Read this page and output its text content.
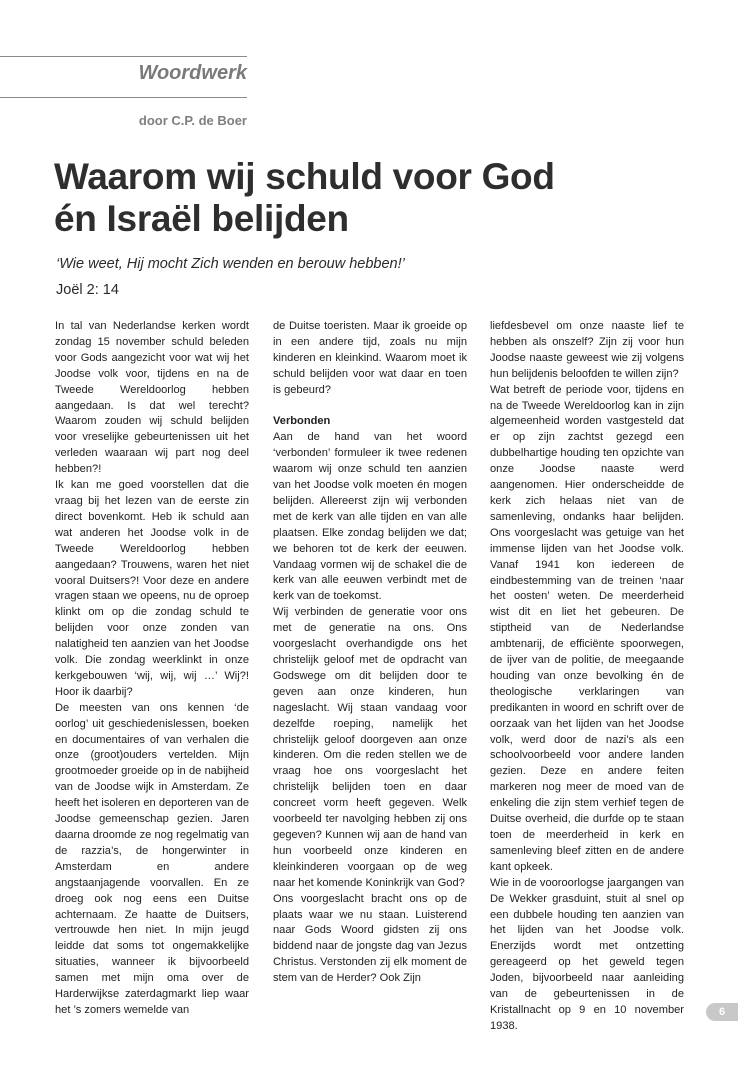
Woordwerk
door C.P. de Boer
Waarom wij schuld voor God
én Israël belijden
‘Wie weet, Hij mocht Zich wenden en berouw hebben!’
Joël 2: 14

In tal van Nederlandse kerken wordt zondag 15 november schuld beleden voor Gods aangezicht voor wat wij het Joodse volk voor, tijdens en na de Tweede Wereldoorlog hebben aangedaan. Is dat wel terecht? Waarom zouden wij schuld belijden voor vreselijke gebeurtenissen uit het verleden waaraan wij part nog deel hebben?!

Ik kan me goed voorstellen dat die vraag bij het lezen van de eerste zin direct bovenkomt. Heb ik schuld aan wat anderen het Joodse volk in de Tweede Wereldoorlog hebben aangedaan? Trouwens, waren het niet vooral Duitsers?! Voor deze en andere vragen staan we opeens, nu de oproep klinkt om op die zondag schuld te belijden voor onze zonden van nalatigheid ten aanzien van het Joodse volk. Die zondag weerklinkt in onze kerkgebouwen ‘wij, wij, wij …’ Wij?! Hoor ik daarbij?

De meesten van ons kennen ‘de oorlog’ uit geschiedenislessen, boeken en documentaires of van verhalen die onze (groot)ouders vertelden. Mijn grootmoeder groeide op in de nabijheid van de Joodse wijk in Amsterdam. Ze heeft het isoleren en deporteren van de Joodse gemeenschap gezien. Jaren daarna droomde ze nog regelmatig van de razzia’s, de hongerwinter in Amsterdam en andere angstaanjagende voorvallen. En ze droeg ook nog eens een Duitse achternaam. Ze haatte de Duitsers, vertrouwde hen niet. In mijn jeugd leidde dat soms tot ongemakkelijke situaties, wanneer ik bijvoorbeeld samen met mijn oma over de Harderwijkse zaterdagmarkt liep waar het ’s zomers wemelde van

de Duitse toeristen. Maar ik groeide op in een andere tijd, zoals nu mijn kinderen en kleinkind. Waarom moet ik schuld belijden voor wat daar en toen is gebeurd?

Verbonden

Aan de hand van het woord ‘verbonden’ formuleer ik twee redenen waarom wij onze schuld ten aanzien van het Joodse volk moeten én mogen belijden. Allereerst zijn wij verbonden met de kerk van alle tijden en van alle plaatsen. Elke zondag belijden we dat; we behoren tot de kerk der eeuwen. Vandaag vormen wij de schakel die de kerk van alle eeuwen verbindt met de kerk van de toekomst.

Wij verbinden de generatie voor ons met de generatie na ons. Ons voorgeslacht overhandigde ons het christelijk geloof met de opdracht van Godswege om dit belijden door te geven aan onze kinderen, hun nageslacht. Wij staan vandaag voor dezelfde roeping, namelijk het christelijk geloof doorgeven aan onze kinderen. Om die reden stellen we de vraag hoe ons voorgeslacht het christelijk belijden toen en daar concreet vorm heeft gegeven. Welk voorbeeld ter navolging hebben zij ons gegeven? Kunnen wij aan de hand van hun voorbeeld onze kinderen en kleinkinderen voorgaan op de weg naar het komende Koninkrijk van God?

Ons voorgeslacht bracht ons op de plaats waar we nu staan. Luisterend naar Gods Woord gidsten zij ons biddend naar de jongste dag van Jezus Christus. Verstonden zij elk moment de stem van de Herder? Ook Zijn

liefdesbevel om onze naaste lief te hebben als onszelf? Zijn zij voor hun Joodse naaste geweest wie zij volgens hun belijdenis beloofden te willen zijn?

Wat betreft de periode voor, tijdens en na de Tweede Wereldoorlog kan in zijn algemeenheid worden vastgesteld dat er op zijn zachtst gezegd een dubbelhartige houding ten opzichte van onze Joodse naaste werd aangenomen. Hier onderscheidde de kerk zich helaas niet van de samenleving, ondanks haar belijden. Ons voorgeslacht was getuige van het immense lijden van het Joodse volk. Vanaf 1941 kon iedereen de eindbestemming van de treinen ‘naar het oosten’ weten. De meerderheid wist dit en liet het gebeuren. De stiptheid van de Nederlandse ambtenarij, de efficiënte spoorwegen, de ijver van de politie, de meegaande houding van onze bevolking én de theologische verklaringen van predikanten in woord en schrift over de oorzaak van het lijden van het Joodse volk, werd door de nazi’s als een schoolvoorbeeld voor andere landen gezien. Deze en andere feiten markeren nog meer de moed van de enkeling die zijn stem verhief tegen de Duitse overheid, die durfde op te staan toen de meerderheid in kerk en samenleving bleef zitten en de andere kant opkeek.

Wie in de vooroorlogse jaargangen van De Wekker grasduint, stuit al snel op een dubbele houding ten aanzien van het lijden van het Joodse volk. Enerzijds wordt met ontzetting gereageerd op het geweld tegen Joden, bijvoorbeeld naar aanleiding van de gebeurtenissen in de Kristallnacht op 9 en 10 november 1938.

6
